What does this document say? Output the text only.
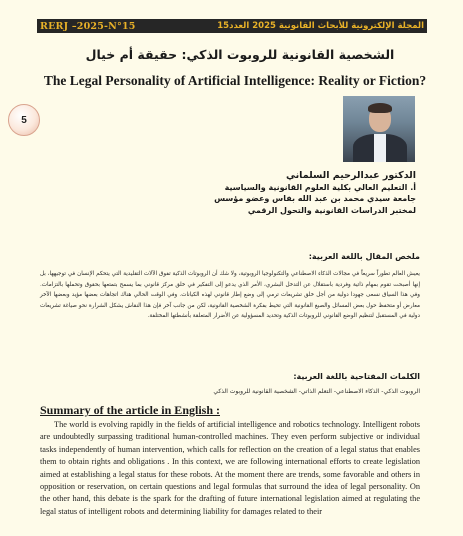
RERJ –2025-N°15	المجلة الإلكترونية للأبحاث القانونية 2025 العدد15
الشخصية القانونية للروبوت الذكي: حقيقة أم خيال
The Legal Personality of Artificial Intelligence: Reality or Fiction?
5
الدكتور عبدالرحيم السلماني
أ. التعليم العالي بكلية العلوم القانونية والسياسية
جامعة سيدي محمد بن عبد الله بفاس وعضو مؤسس
لمختبر الدراسات القانونية والتحول الرقمي
ملخص المقال باللغة العربية:
يعيش العالم تطوراً سريعاً في مجالات الذكاء الاصطناعي والتكنولوجيا الروبوتية، ولا شك أن الروبوتات الذكية تفوق الآلات التقليدية التي يتحكم الإنسان في توجيهها، بل إنها أصبحت تقوم بمهام ذاتية وفردية باستقلال عن التدخل البشري، الأمر الذي يدعو إلى التفكير في خلق مركز قانوني بما يسمح بتمتعها بحقوق وتحملها بالتزامات. وفي هذا السياق نسعى جهودا دولية من أجل خلق تشريعات ترمي إلى وضع إطار قانوني لهذه الكيانات. وفي الوقت الحالي هناك اتجاهات بعضها مؤيد وبعضها الآخر معارض أو متحفظ حول بعض المسائل والصيغ القانونية التي تحيط بفكرة الشخصية القانونية، لكن من جانب آخر فإن هذا النقاش يشكل الشرارة نحو صياغة تشريعات دولية في المستقبل لتنظيم الوضع القانوني للروبوتات الذكية وتحديد المسؤولية عن الأضرار المتعلقة بأنشطتها المختلفة.
الكلمات المفتاحية باللغة العربية:
الروبوت الذكي- الذكاء الاصطناعي- التعلم الذاتي- الشخصية القانونية للروبوت الذكي
Summary of the article in English :
The world is evolving rapidly in the fields of artificial intelligence and robotics technology. Intelligent robots are undoubtedly surpassing traditional human-controlled machines. They even perform subjective or individual tasks independently of human intervention, which calls for reflection on the creation of a legal status that enables them to obtain rights and obligations . In this context, we are following international efforts to create legislation aimed at establishing a legal status for these robots. At the moment there are trends, some favorable and others in opposition or reservation, on certain questions and legal formulas that surround the idea of legal personality. On the other hand, this debate is the spark for the drafting of future international legislation aimed at regulating the legal status of intelligent robots and determining liability for damages related to their
